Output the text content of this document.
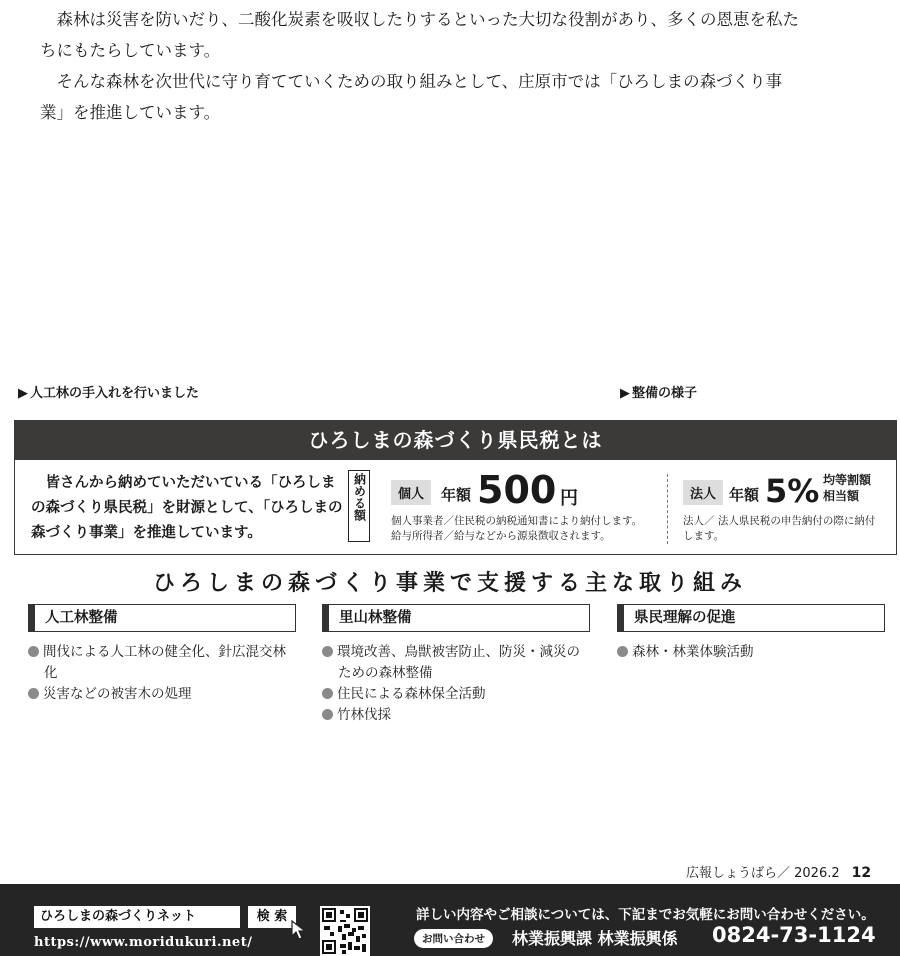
森林は災害を防いだり、二酸化炭素を吸収したりするといった大切な役割があり、多くの恩恵を私たちにもたらしています。

そんな森林を次世代に守り育てていくための取り組みとして、庄原市では「ひろしまの森づくり事業」を推進しています。

▶ 人工林の手入れを行いました	▶ 整備の様子
ひろしまの森づくり県民税とは
皆さんから納めていただいている「ひろしまの森づくり県民税」を財源として、「ひろしまの森づくり事業」を推進しています。
納める額	個人	年額 500 円
個人事業者／住民税の納税通知書により納付します。
給与所得者／給与などから源泉徴収されます。
法人 年額 5% 均等割額
相当額
法人／ 法人県民税の申告納付の際に納付します。
ひろしまの森づくり事業で支援する主な取り組み
人工林整備
間伐による人工林の健全化、針広混交林化
災害などの被害木の処理
里山林整備
環境改善、鳥獣被害防止、防災・減災のための森林整備
住民による森林保全活動
竹林伐採
県民理解の促進
森林・林業体験活動
広報しょうばら／ 2026.2 12
ひろしまの森づくりネット	検 索
https://www.moridukuri.net/
詳しい内容やご相談については、下記までお気軽にお問い合わせください。
お問い合わせ	林業振興課 林業振興係 0824-73-1124
